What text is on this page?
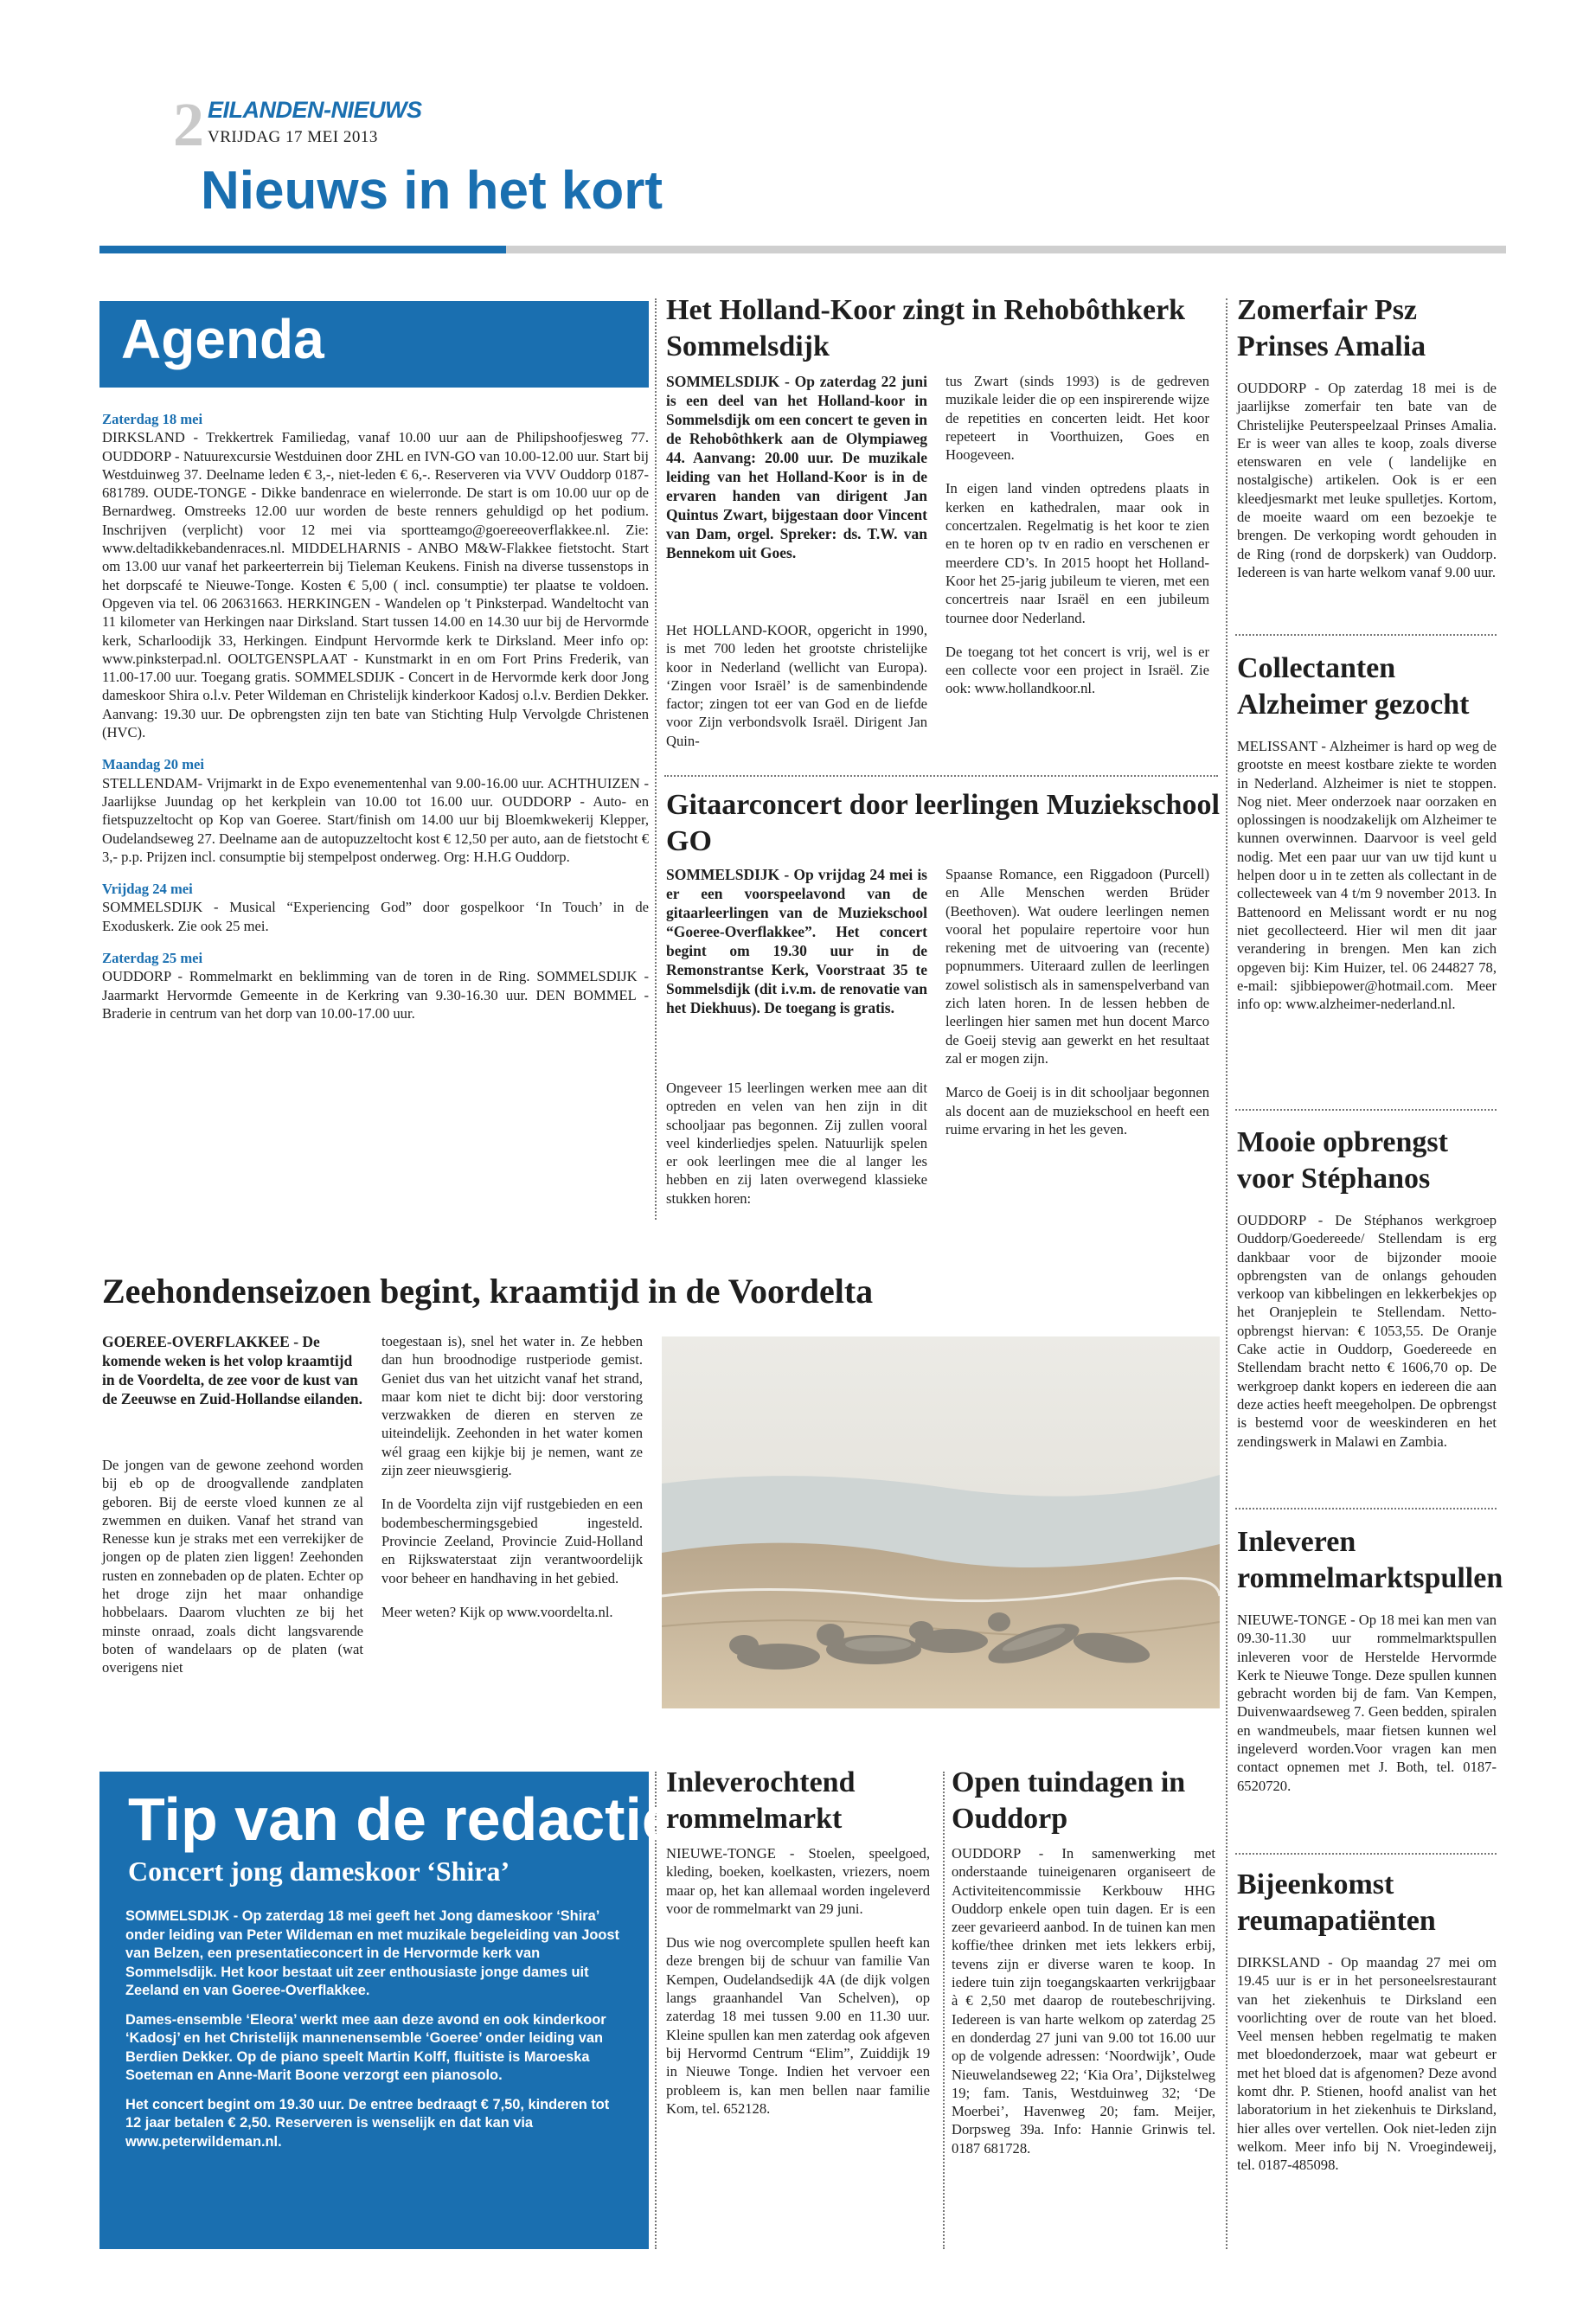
2 EILANDEN-NIEUWS
VRIJDAG 17 MEI 2013
Nieuws in het kort
Agenda
Zaterdag 18 mei
DIRKSLAND - Trekkertrek Familiedag, vanaf 10.00 uur aan de Philipshoofjesweg 77. OUDDORP - Natuurexcursie Westduinen door ZHL en IVN-GO van 10.00-12.00 uur. Start bij Westduinweg 37. Deelname leden € 3,-, niet-leden € 6,-. Reserveren via VVV Ouddorp 0187-681789. OUDE-TONGE - Dikke bandenrace en wielerronde. De start is om 10.00 uur op de Bernardweg. Omstreeks 12.00 uur worden de beste renners gehuldigd op het podium. Inschrijven (verplicht) voor 12 mei via sportteamgo@goereeoverflakkee.nl. Zie: www.deltadikkebandenraces.nl. MIDDELHARNIS - ANBO M&W-Flakkee fietstocht. Start om 13.00 uur vanaf het parkeerterrein bij Tieleman Keukens. Finish na diverse tussenstops in het dorpscafé te Nieuwe-Tonge. Kosten € 5,00 ( incl. consumptie) ter plaatse te voldoen. Opgeven via tel. 06 20631663. HERKINGEN - Wandelen op 't Pinksterpad. Wandeltocht van 11 kilometer van Herkingen naar Dirksland. Start tussen 14.00 en 14.30 uur bij de Hervormde kerk, Scharloodijk 33, Herkingen. Eindpunt Hervormde kerk te Dirksland. Meer info op: www.pinksterpad.nl. OOLTGENSPLAAT - Kunstmarkt in en om Fort Prins Frederik, van 11.00-17.00 uur. Toegang gratis. SOMMELSDIJK - Concert in de Hervormde kerk door Jong dameskoor Shira o.l.v. Peter Wildeman en Christelijk kinderkoor Kadosj o.l.v. Berdien Dekker. Aanvang: 19.30 uur. De opbrengsten zijn ten bate van Stichting Hulp Vervolgde Christenen (HVC).
Maandag 20 mei
STELLENDAM- Vrijmarkt in de Expo evenementenhal van 9.00-16.00 uur. ACHTHUIZEN - Jaarlijkse Juundag op het kerkplein van 10.00 tot 16.00 uur. OUDDORP - Auto- en fietspuzzeltocht op Kop van Goeree. Start/finish om 14.00 uur bij Bloemkwekerij Klepper, Oudelandseweg 27. Deelname aan de autopuzzeltocht kost € 12,50 per auto, aan de fietstocht € 3,- p.p. Prijzen incl. consumptie bij stempelpost onderweg. Org: H.H.G Ouddorp.
Vrijdag 24 mei
SOMMELSDIJK - Musical “Experiencing God” door gospelkoor ‘In Touch’ in de Exoduskerk. Zie ook 25 mei.
Zaterdag 25 mei
OUDDORP - Rommelmarkt en beklimming van de toren in de Ring. SOMMELSDIJK - Jaarmarkt Hervormde Gemeente in de Kerkring van 9.30-16.30 uur. DEN BOMMEL - Braderie in centrum van het dorp van 10.00-17.00 uur.
Het Holland-Koor zingt in Rehobôthkerk Sommelsdijk
SOMMELSDIJK - Op zaterdag 22 juni is een deel van het Holland-koor in Sommelsdijk om een concert te geven in de Rehobôthkerk aan de Olympiaweg 44. Aanvang: 20.00 uur. De muzikale leiding van het Holland-Koor is in de ervaren handen van dirigent Jan Quintus Zwart, bijgestaan door Vincent van Dam, orgel. Spreker: ds. T.W. van Bennekom uit Goes.

Het HOLLAND-KOOR, opgericht in 1990, is met 700 leden het grootste christelijke koor in Nederland (wellicht van Europa). ‘Zingen voor Israël’ is de samenbindende factor; zingen tot eer van God en de liefde voor Zijn verbondsvolk Israël. Dirigent Jan Quin-

tus Zwart (sinds 1993) is de gedreven muzikale leider die op een inspirerende wijze de repetities en concerten leidt. Het koor repeteert in Voorthuizen, Goes en Hoogeveen.

In eigen land vinden optredens plaats in kerken en kathedralen, maar ook in concertzalen. Regelmatig is het koor te zien en te horen op tv en radio en verschenen er meerdere CD’s. In 2015 hoopt het Holland-Koor het 25-jarig jubileum te vieren, met een concertreis naar Israël en een jubileum tournee door Nederland.

De toegang tot het concert is vrij, wel is er een collecte voor een project in Israël. Zie ook: www.hollandkoor.nl.

Gitaarconcert door leerlingen Muziekschool GO
SOMMELSDIJK - Op vrijdag 24 mei is er een voorspeelavond van de gitaarleerlingen van de Muziekschool “Goeree-Overflakkee”. Het concert begint om 19.30 uur in de Remonstrantse Kerk, Voorstraat 35 te Sommelsdijk (dit i.v.m. de renovatie van het Diekhuus). De toegang is gratis.

Ongeveer 15 leerlingen werken mee aan dit optreden en velen van hen zijn in dit schooljaar pas begonnen. Zij zullen vooral veel kinderliedjes spelen. Natuurlijk spelen er ook leerlingen mee die al langer les hebben en zij laten overwegend klassieke stukken horen:

Spaanse Romance, een Riggadoon (Purcell) en Alle Menschen werden Brüder (Beethoven). Wat oudere leerlingen nemen vooral het populaire repertoire voor hun rekening met de uitvoering van (recente) popnummers. Uiteraard zullen de leerlingen zowel solistisch als in samenspelverband van zich laten horen. In de lessen hebben de leerlingen hier samen met hun docent Marco de Goeij stevig aan gewerkt en het resultaat zal er mogen zijn.

Marco de Goeij is in dit schooljaar begonnen als docent aan de muziekschool en heeft een ruime ervaring in het les geven.

Zeehondenseizoen begint, kraamtijd in de Voordelta
GOEREE-OVERFLAKKEE - De komende weken is het volop kraamtijd in de Voordelta, de zee voor de kust van de Zeeuwse en Zuid-Hollandse eilanden.

De jongen van de gewone zeehond worden bij eb op de droogvallende zandplaten geboren. Bij de eerste vloed kunnen ze al zwemmen en duiken. Vanaf het strand van Renesse kun je straks met een verrekijker de jongen op de platen zien liggen! Zeehonden rusten en zonnebaden op de platen. Echter op het droge zijn het maar onhandige hobbelaars. Daarom vluchten ze bij het minste onraad, zoals dicht langsvarende boten of wandelaars op de platen (wat overigens niet

toegestaan is), snel het water in. Ze hebben dan hun broodnodige rustperiode gemist. Geniet dus van het uitzicht vanaf het strand, maar kom niet te dicht bij: door verstoring verzwakken de dieren en sterven ze uiteindelijk. Zeehonden in het water komen wél graag een kijkje bij je nemen, want ze zijn zeer nieuwsgierig.

In de Voordelta zijn vijf rustgebieden en een bodembeschermingsgebied ingesteld. Provincie Zeeland, Provincie Zuid-Holland en Rijkswaterstaat zijn verantwoordelijk voor beheer en handhaving in het gebied.

Meer weten? Kijk op www.voordelta.nl.

Tip van de redactie
Concert jong dameskoor ‘Shira’

SOMMELSDIJK - Op zaterdag 18 mei geeft het Jong dameskoor ‘Shira’ onder leiding van Peter Wildeman en met muzikale begeleiding van Joost van Belzen, een presentatieconcert in de Hervormde kerk van Sommelsdijk. Het koor bestaat uit zeer enthousiaste jonge dames uit Zeeland en van Goeree-Overflakkee.

Dames-ensemble ‘Eleora’ werkt mee aan deze avond en ook kinderkoor ‘Kadosj’ en het Christelijk mannenensemble ‘Goeree’ onder leiding van Berdien Dekker. Op de piano speelt Martin Kolff, fluitiste is Maroeska Soeteman en Anne-Marit Boone verzorgt een pianosolo.

Het concert begint om 19.30 uur. De entree bedraagt € 7,50, kinderen tot 12 jaar betalen € 2,50. Reserveren is wenselijk en dat kan via www.peterwildeman.nl.

Inleverochtend rommelmarkt

NIEUWE-TONGE - Stoelen, speelgoed, kleding, boeken, koelkasten, vriezers, noem maar op, het kan allemaal worden ingeleverd voor de rommelmarkt van 29 juni.

Dus wie nog overcomplete spullen heeft kan deze brengen bij de schuur van familie Van Kempen, Oudelandsedijk 4A (de dijk volgen langs graanhandel Van Schelven), op zaterdag 18 mei tussen 9.00 en 11.30 uur. Kleine spullen kan men zaterdag ook afgeven bij Hervormd Centrum “Elim”, Zuiddijk 19 in Nieuwe Tonge. Indien het vervoer een probleem is, kan men bellen naar familie Kom, tel. 652128.

Open tuindagen in Ouddorp

OUDDORP - In samenwerking met onderstaande tuineigenaren organiseert de Activiteitencommissie Kerkbouw HHG Ouddorp enkele open tuin dagen. Er is een zeer gevarieerd aanbod. In de tuinen kan men koffie/thee drinken met iets lekkers erbij, tevens zijn er diverse waren te koop. In iedere tuin zijn toegangskaarten verkrijgbaar à € 2,50 met daarop de routebeschrijving. Iedereen is van harte welkom op zaterdag 25 en donderdag 27 juni van 9.00 tot 16.00 uur op de volgende adressen: ‘Noordwijk’, Oude Nieuwelandseweg 22; ‘Kia Ora’, Dijkstelweg 19; fam. Tanis, Westduinweg 32; ‘De Moerbei’, Havenweg 20; fam. Meijer, Dorpsweg 39a. Info: Hannie Grinwis tel. 0187 681728.

Zomerfair Psz Prinses Amalia

OUDDORP - Op zaterdag 18 mei is de jaarlijkse zomerfair ten bate van de Christelijke Peuterspeelzaal Prinses Amalia. Er is weer van alles te koop, zoals diverse etenswaren en vele ( landelijke en nostalgische) artikelen. Ook is er een kleedjesmarkt met leuke spulletjes. Kortom, de moeite waard om een bezoekje te brengen. De verkoping wordt gehouden in de Ring (rond de dorpskerk) van Ouddorp. Iedereen is van harte welkom vanaf 9.00 uur.

Collectanten Alzheimer gezocht

MELISSANT - Alzheimer is hard op weg de grootste en meest kostbare ziekte te worden in Nederland. Alzheimer is niet te stoppen. Nog niet. Meer onderzoek naar oorzaken en oplossingen is noodzakelijk om Alzheimer te kunnen overwinnen. Daarvoor is veel geld nodig. Met een paar uur van uw tijd kunt u helpen door u in te zetten als collectant in de collecteweek van 4 t/m 9 november 2013. In Battenoord en Melissant wordt er nu nog niet gecollecteerd. Hier wil men dit jaar verandering in brengen. Men kan zich opgeven bij: Kim Huizer, tel. 06 244827 78, e-mail: sjibbiepower@hotmail.com. Meer info op: www.alzheimer-nederland.nl.

Mooie opbrengst voor Stéphanos

OUDDORP - De Stéphanos werkgroep Ouddorp/Goedereede/ Stellendam is erg dankbaar voor de bijzonder mooie opbrengsten van de onlangs gehouden verkoop van kibbelingen en lekkerbekjes op het Oranjeplein te Stellendam. Netto-opbrengst hiervan: € 1053,55. De Oranje Cake actie in Ouddorp, Goedereede en Stellendam bracht netto € 1606,70 op. De werkgroep dankt kopers en iedereen die aan deze acties heeft meegeholpen. De opbrengst is bestemd voor de weeskinderen en het zendingswerk in Malawi en Zambia.

Inleveren rommelmarktspullen

NIEUWE-TONGE - Op 18 mei kan men van 09.30-11.30 uur rommelmarktspullen inleveren voor de Herstelde Hervormde Kerk te Nieuwe Tonge. Deze spullen kunnen gebracht worden bij de fam. Van Kempen, Duivenwaardseweg 7. Geen bedden, spiralen en wandmeubels, maar fietsen kunnen wel ingeleverd worden.Voor vragen kan men contact opnemen met J. Both, tel. 0187-6520720.

Bijeenkomst reumapatiënten

DIRKSLAND - Op maandag 27 mei om 19.45 uur is er in het personeelsrestaurant van het ziekenhuis te Dirksland een voorlichting over de route van het bloed. Veel mensen hebben regelmatig te maken met bloedonderzoek, maar wat gebeurt er met het bloed dat is afgenomen? Deze avond komt dhr. P. Stienen, hoofd analist van het laboratorium in het ziekenhuis te Dirksland, hier alles over vertellen. Ook niet-leden zijn welkom. Meer info bij N. Vroegindeweij, tel. 0187-485098.
